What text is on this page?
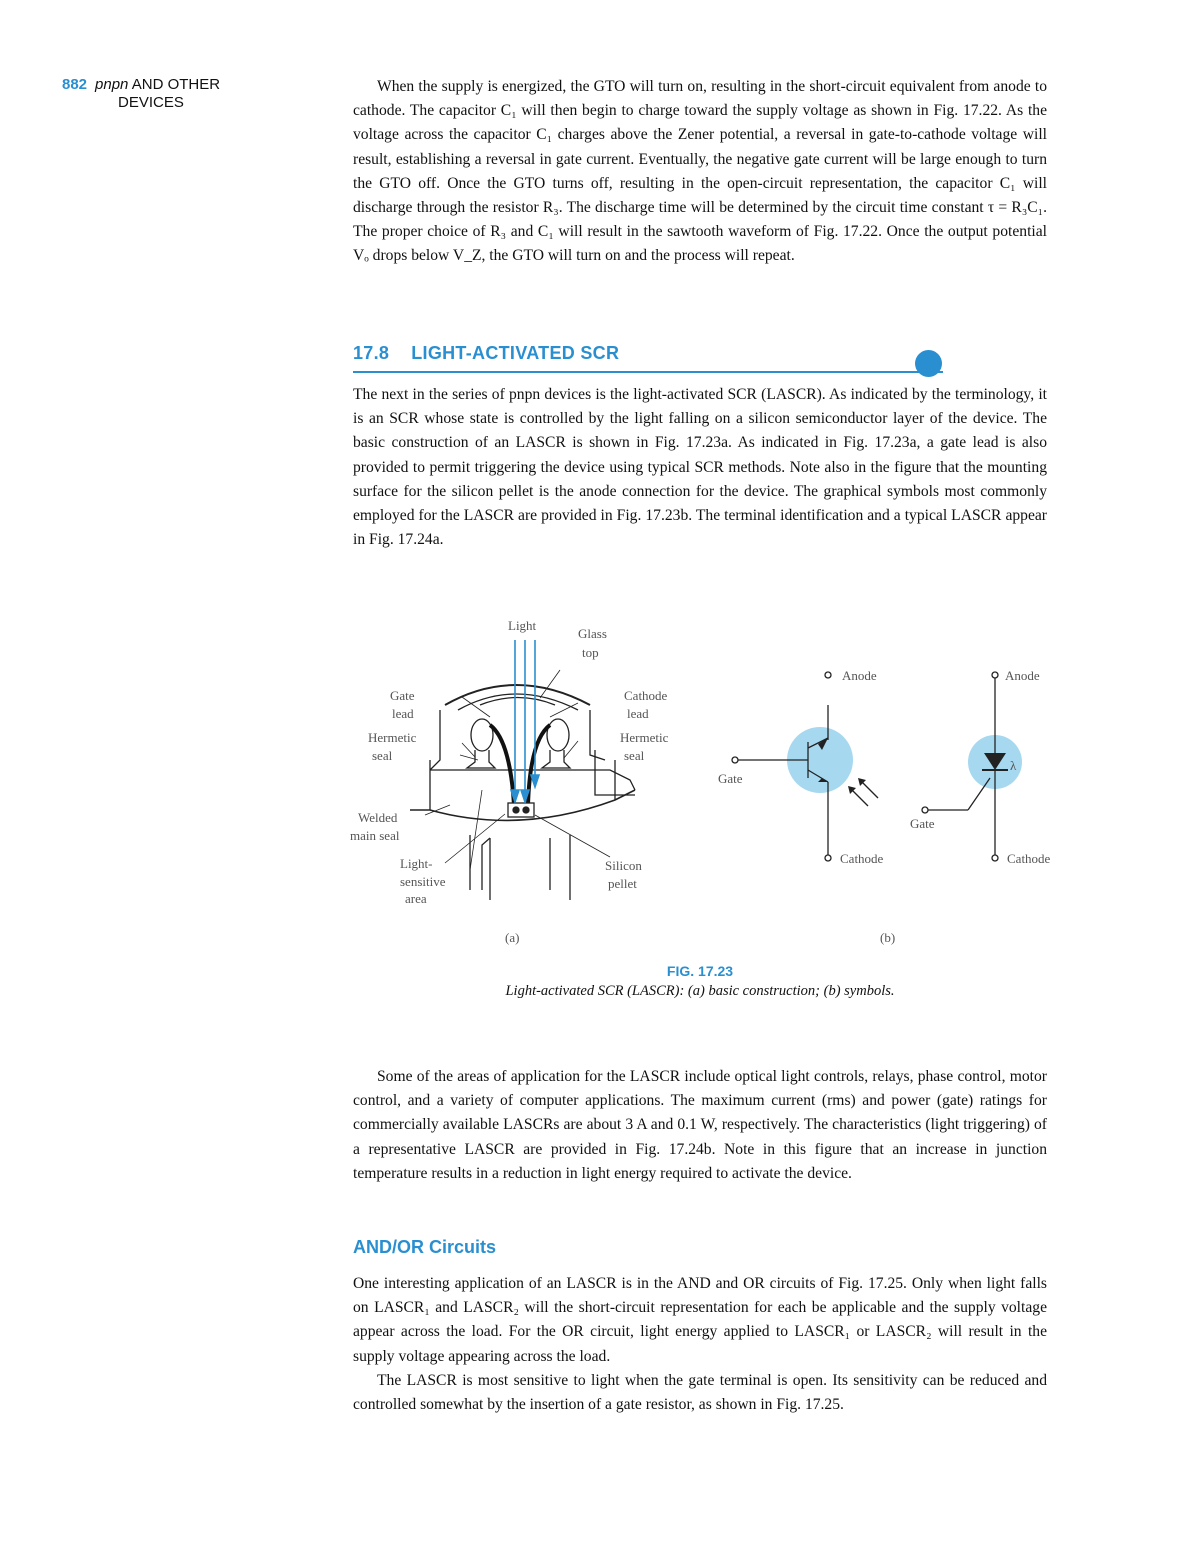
882 pnpn AND OTHER
DEVICES

When the supply is energized, the GTO will turn on, resulting in the short-circuit equivalent from anode to cathode. The capacitor C₁ will then begin to charge toward the supply voltage as shown in Fig. 17.22. As the voltage across the capacitor C₁ charges above the Zener potential, a reversal in gate-to-cathode voltage will result, establishing a reversal in gate current. Eventually, the negative gate current will be large enough to turn the GTO off. Once the GTO turns off, resulting in the open-circuit representation, the capacitor C₁ will discharge through the resistor R₃. The discharge time will be determined by the circuit time constant τ = R₃C₁. The proper choice of R₃ and C₁ will result in the sawtooth waveform of Fig. 17.22. Once the output potential Vₒ drops below V_Z, the GTO will turn on and the process will repeat.

17.8 LIGHT-ACTIVATED SCR

The next in the series of pnpn devices is the light-activated SCR (LASCR). As indicated by the terminology, it is an SCR whose state is controlled by the light falling on a silicon semiconductor layer of the device. The basic construction of an LASCR is shown in Fig. 17.23a. As indicated in Fig. 17.23a, a gate lead is also provided to permit triggering the device using typical SCR methods. Note also in the figure that the mounting surface for the silicon pellet is the anode connection for the device. The graphical symbols most commonly employed for the LASCR are provided in Fig. 17.23b. The terminal identification and a typical LASCR appear in Fig. 17.24a.

Light
Glass
top
Gate
lead
Cathode
lead
Hermetic
seal
Hermetic
seal
Welded
main seal
Light-
sensitive
area
Silicon
pellet
(a)
Anode
Gate
Cathode
Anode
λ
Gate
Cathode
(b)
FIG. 17.23
Light-activated SCR (LASCR): (a) basic construction; (b) symbols.

Some of the areas of application for the LASCR include optical light controls, relays, phase control, motor control, and a variety of computer applications. The maximum current (rms) and power (gate) ratings for commercially available LASCRs are about 3 A and 0.1 W, respectively. The characteristics (light triggering) of a representative LASCR are provided in Fig. 17.24b. Note in this figure that an increase in junction temperature results in a reduction in light energy required to activate the device.

AND/OR Circuits

One interesting application of an LASCR is in the AND and OR circuits of Fig. 17.25. Only when light falls on LASCR₁ and LASCR₂ will the short-circuit representation for each be applicable and the supply voltage appear across the load. For the OR circuit, light energy applied to LASCR₁ or LASCR₂ will result in the supply voltage appearing across the load.

The LASCR is most sensitive to light when the gate terminal is open. Its sensitivity can be reduced and controlled somewhat by the insertion of a gate resistor, as shown in Fig. 17.25.
